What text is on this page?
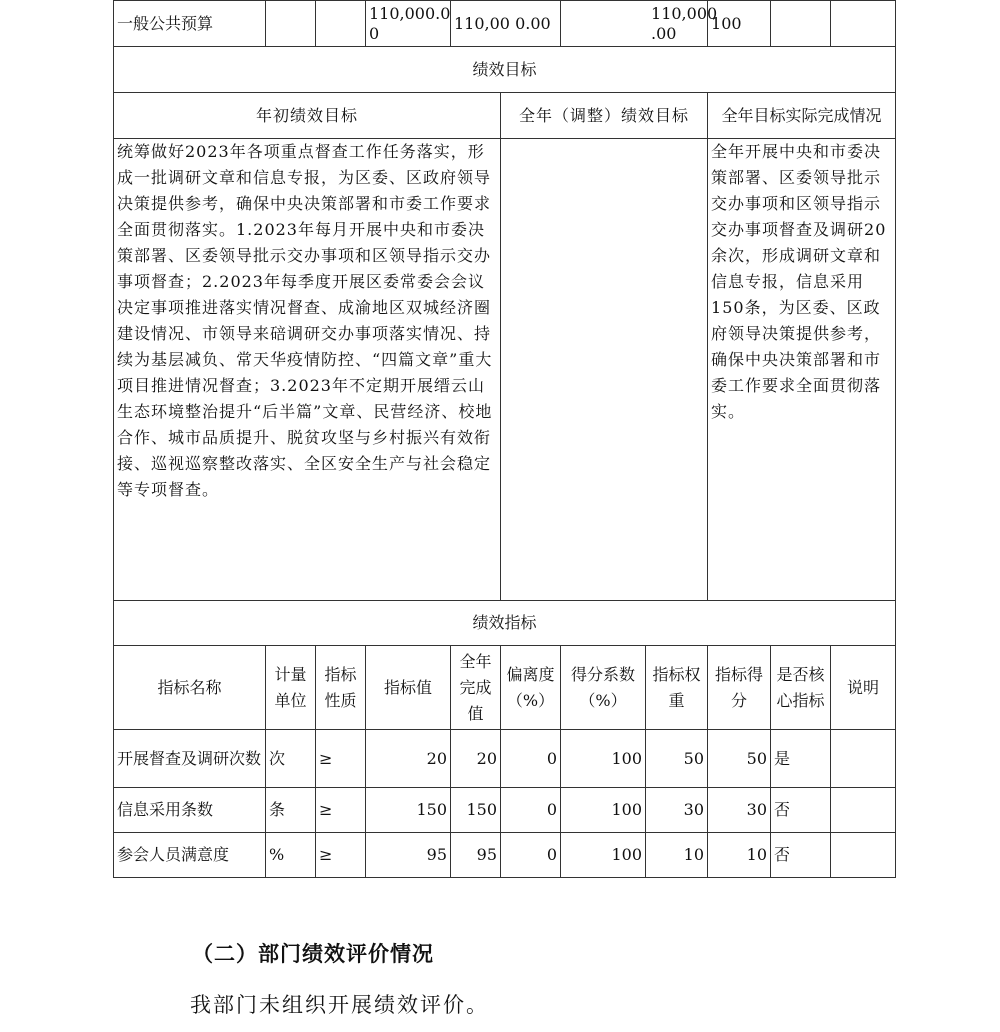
一般公共预算			110,000.0 0	110,00 0.00		110,000 .00		100		
绩效目标										
年初绩效目标					全年（调整）绩效目标			全年目标实际完成情况		
统筹做好2023年各项重点督查工作任务落实，形成一批调研文章和信息专报，为区委、区政府领导决策提供参考，确保中央决策部署和市委工作要求全面贯彻落实。1.2023年每月开展中央和市委决策部署、区委领导批示交办事项和区领导指示交办事项督查；2.2023年每季度开展区委常委会会议决定事项推进落实情况督查、成渝地区双城经济圈建设情况、市领导来碚调研交办事项落实情况、持续为基层减负、常天华疫情防控、“四篇文章”重大项目推进情况督查；3.2023年不定期开展缙云山生态环境整治提升“后半篇”文章、民营经济、校地合作、城市品质提升、脱贫攻坚与乡村振兴有效衔接、巡视巡察整改落实、全区安全生产与社会稳定等专项督查。								全年开展中央和市委决策部署、区委领导批示交办事项和区领导指示交办事项督查及调研20余次，形成调研文章和信息专报，信息采用150条，为区委、区政府领导决策提供参考，确保中央决策部署和市委工作要求全面贯彻落实。		
绩效指标										
指标名称	计量单位	指标性质	指标值	全年完成值	偏离度（%）	得分系数（%）	指标权重	指标得分	是否核心指标	说明
开展督查及调研次数	次	≥	20	20	0	100	50	50	是	
信息采用条数	条	≥	150	150	0	100	30	30	否	
参会人员满意度	%	≥	95	95	0	100	10	10	否	
（二）部门绩效评价情况
我部门未组织开展绩效评价。
